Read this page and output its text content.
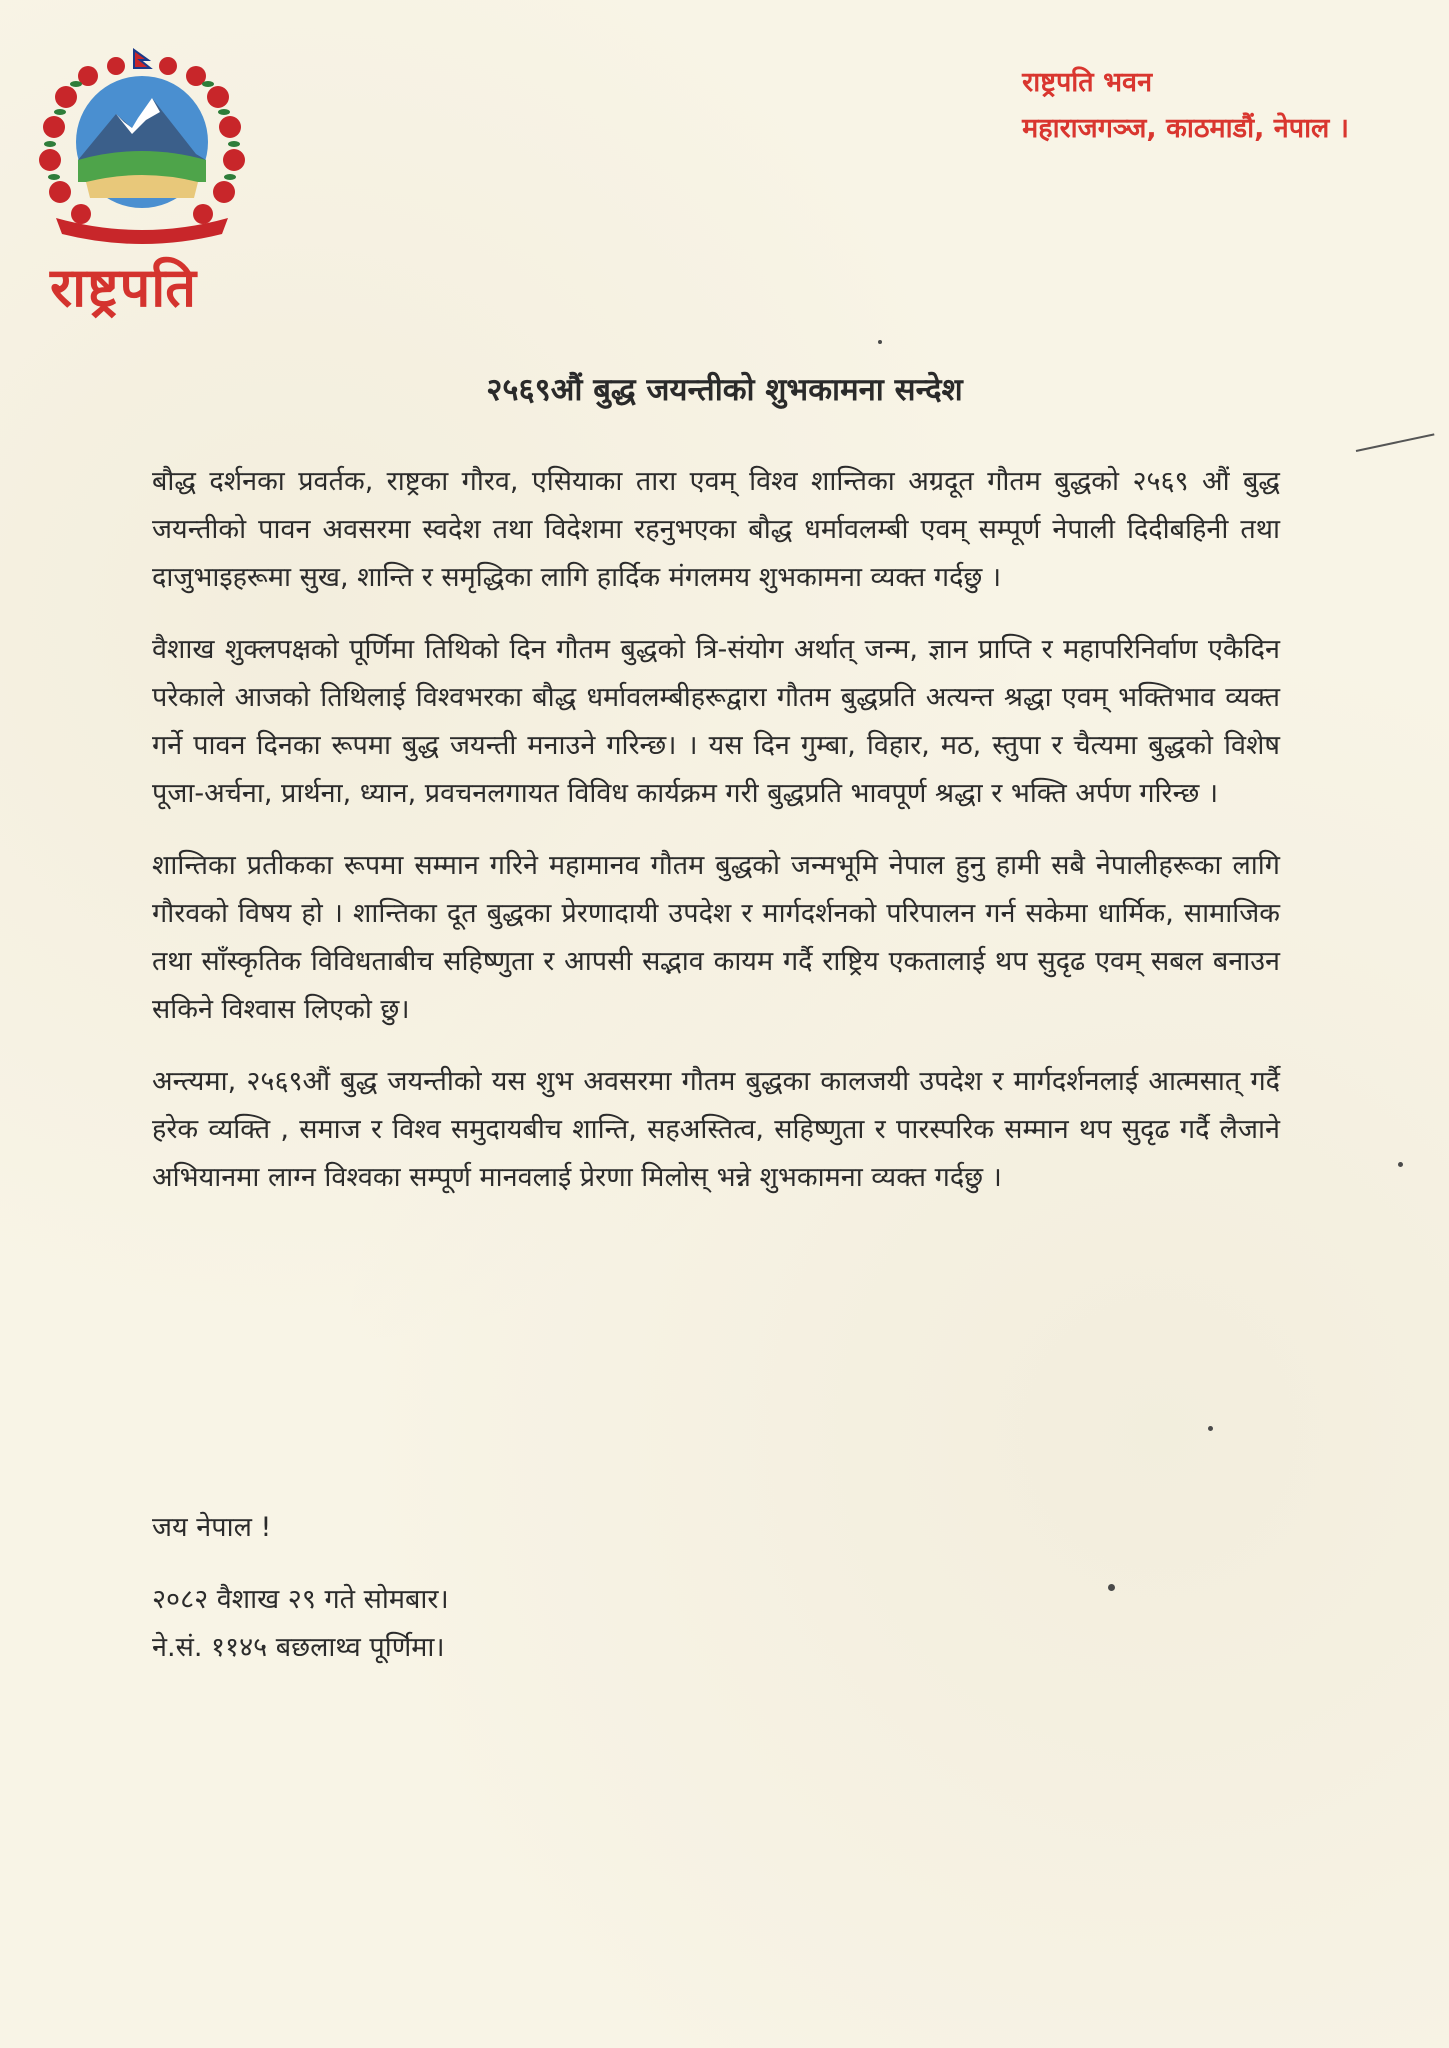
राष्ट्रपति
राष्ट्रपति भवन
महाराजगञ्ज, काठमाडौं, नेपाल ।
२५६९औं बुद्ध जयन्तीको शुभकामना सन्देश

बौद्ध दर्शनका प्रवर्तक, राष्ट्रका गौरव, एसियाका तारा एवम् विश्व शान्तिका अग्रदूत गौतम बुद्धको २५६९ औं बुद्ध जयन्तीको पावन अवसरमा स्वदेश तथा विदेशमा रहनुभएका बौद्ध धर्मावलम्बी एवम् सम्पूर्ण नेपाली दिदीबहिनी तथा दाजुभाइहरूमा सुख, शान्ति र समृद्धिका लागि हार्दिक मंगलमय शुभकामना व्यक्त गर्दछु ।

वैशाख शुक्लपक्षको पूर्णिमा तिथिको दिन गौतम बुद्धको त्रि-संयोग अर्थात् जन्म, ज्ञान प्राप्ति र महापरिनिर्वाण एकैदिन परेकाले आजको तिथिलाई विश्वभरका बौद्ध धर्मावलम्बीहरूद्वारा गौतम बुद्धप्रति अत्यन्त श्रद्धा एवम् भक्तिभाव व्यक्त गर्ने पावन दिनका रूपमा बुद्ध जयन्ती मनाउने गरिन्छ। । यस दिन गुम्बा, विहार, मठ, स्तुपा र चैत्यमा बुद्धको विशेष पूजा-अर्चना, प्रार्थना, ध्यान, प्रवचनलगायत विविध कार्यक्रम गरी बुद्धप्रति भावपूर्ण श्रद्धा र भक्ति अर्पण गरिन्छ ।

शान्तिका प्रतीकका रूपमा सम्मान गरिने महामानव गौतम बुद्धको जन्मभूमि नेपाल हुनु हामी सबै नेपालीहरूका लागि गौरवको विषय हो । शान्तिका दूत बुद्धका प्रेरणादायी उपदेश र मार्गदर्शनको परिपालन गर्न सकेमा धार्मिक, सामाजिक तथा साँस्कृतिक विविधताबीच सहिष्णुता र आपसी सद्भाव कायम गर्दै राष्ट्रिय एकतालाई थप सुदृढ एवम् सबल बनाउन सकिने विश्वास लिएको छु।

अन्त्यमा, २५६९औं बुद्ध जयन्तीको यस शुभ अवसरमा गौतम बुद्धका कालजयी उपदेश र मार्गदर्शनलाई आत्मसात् गर्दै हरेक व्यक्ति , समाज र विश्व समुदायबीच शान्ति, सहअस्तित्व, सहिष्णुता र पारस्परिक सम्मान थप सुदृढ गर्दै लैजाने अभियानमा लाग्न विश्वका सम्पूर्ण मानवलाई प्रेरणा मिलोस् भन्ने शुभकामना व्यक्त गर्दछु ।

जय नेपाल !
२०८२ वैशाख २९ गते सोमबार।
ने.सं. ११४५ बछलाथ्व पूर्णिमा।
